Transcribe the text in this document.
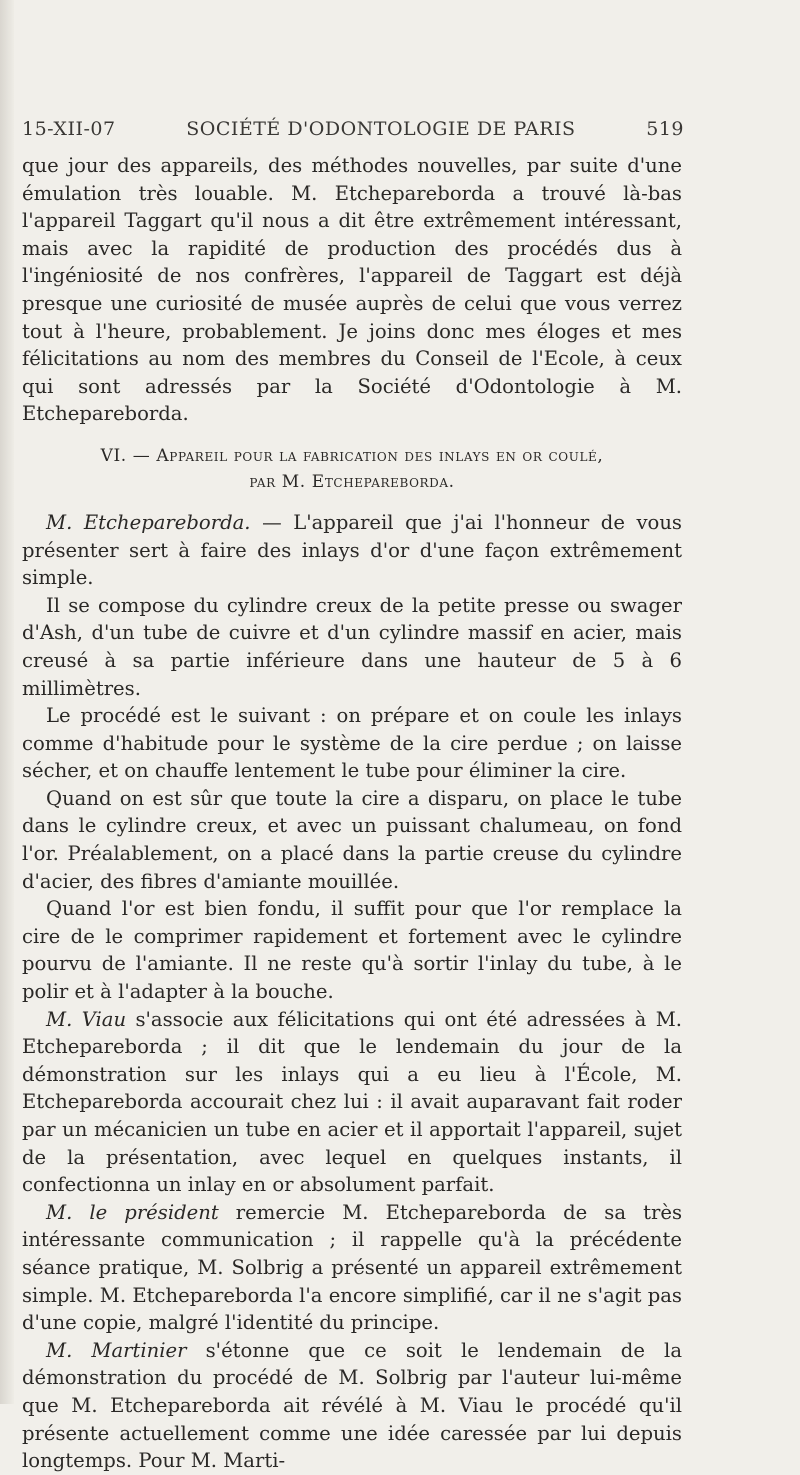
15-XII-07	SOCIÉTÉ D'ODONTOLOGIE DE PARIS	519

que jour des appareils, des méthodes nouvelles, par suite d'une émulation très louable. M. Etchepareborda a trouvé là-bas l'appareil Taggart qu'il nous a dit être extrêmement intéressant, mais avec la rapidité de production des procédés dus à l'ingéniosité de nos confrères, l'appareil de Taggart est déjà presque une curiosité de musée auprès de celui que vous verrez tout à l'heure, probablement. Je joins donc mes éloges et mes félicitations au nom des membres du Conseil de l'Ecole, à ceux qui sont adressés par la Société d'Odontologie à M. Etchepareborda.

VI. — Appareil pour la fabrication des inlays en or coulé,
par M. Etchepareborda.

M. Etchepareborda. — L'appareil que j'ai l'honneur de vous présenter sert à faire des inlays d'or d'une façon extrêmement simple.

Il se compose du cylindre creux de la petite presse ou swager d'Ash, d'un tube de cuivre et d'un cylindre massif en acier, mais creusé à sa partie inférieure dans une hauteur de 5 à 6 millimètres.

Le procédé est le suivant : on prépare et on coule les inlays comme d'habitude pour le système de la cire perdue ; on laisse sécher, et on chauffe lentement le tube pour éliminer la cire.

Quand on est sûr que toute la cire a disparu, on place le tube dans le cylindre creux, et avec un puissant chalumeau, on fond l'or. Préalablement, on a placé dans la partie creuse du cylindre d'acier, des fibres d'amiante mouillée.

Quand l'or est bien fondu, il suffit pour que l'or remplace la cire de le comprimer rapidement et fortement avec le cylindre pourvu de l'amiante. Il ne reste qu'à sortir l'inlay du tube, à le polir et à l'adapter à la bouche.

M. Viau s'associe aux félicitations qui ont été adressées à M. Etchepareborda ; il dit que le lendemain du jour de la démonstration sur les inlays qui a eu lieu à l'École, M. Etchepareborda accourait chez lui : il avait auparavant fait roder par un mécanicien un tube en acier et il apportait l'appareil, sujet de la présentation, avec lequel en quelques instants, il confectionna un inlay en or absolument parfait.

M. le président remercie M. Etchepareborda de sa très intéressante communication ; il rappelle qu'à la précédente séance pratique, M. Solbrig a présenté un appareil extrêmement simple. M. Etchepareborda l'a encore simplifié, car il ne s'agit pas d'une copie, malgré l'identité du principe.

M. Martinier s'étonne que ce soit le lendemain de la démonstration du procédé de M. Solbrig par l'auteur lui-même que M. Etchepareborda ait révélé à M. Viau le procédé qu'il présente actuellement comme une idée caressée par lui depuis longtemps. Pour M. Marti-
